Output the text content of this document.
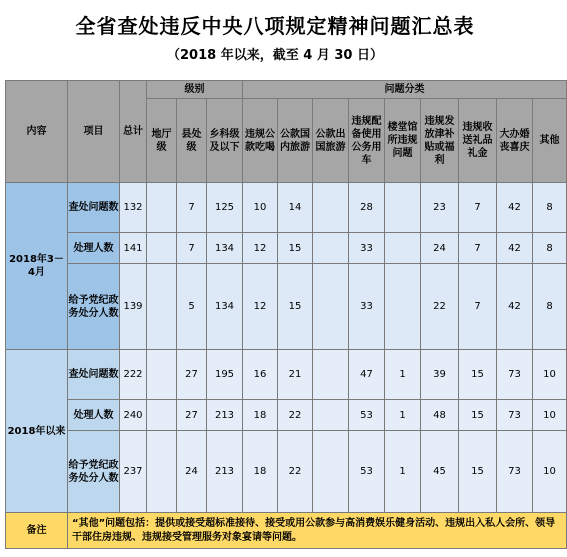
全省查处违反中央八项规定精神问题汇总表
（2018 年以来，截至 4 月 30 日）
内容	项目	总计	级别			问题分类								
			地厅级	县处级	乡科级及以下	违规公款吃喝	公款国内旅游	公款出国旅游	违规配备使用公务用车	楼堂馆所违规问题	违规发放津补贴或福利	违规收送礼品礼金	大办婚丧喜庆	其他
2018年3－4月	查处问题数	132		7	125	10	14		28		23	7	42	8
	处理人数	141		7	134	12	15		33		24	7	42	8
	给予党纪政务处分人数	139		5	134	12	15		33		22	7	42	8
2018年以来	查处问题数	222		27	195	16	21		47	1	39	15	73	10
	处理人数	240		27	213	18	22		53	1	48	15	73	10
	给予党纪政务处分人数	237		24	213	18	22		53	1	45	15	73	10
备注	“其他”问题包括：提供或接受超标准接待、接受或用公款参与高消费娱乐健身活动、违规出入私人会所、领导干部住房违规、违规接受管理服务对象宴请等问题。													
